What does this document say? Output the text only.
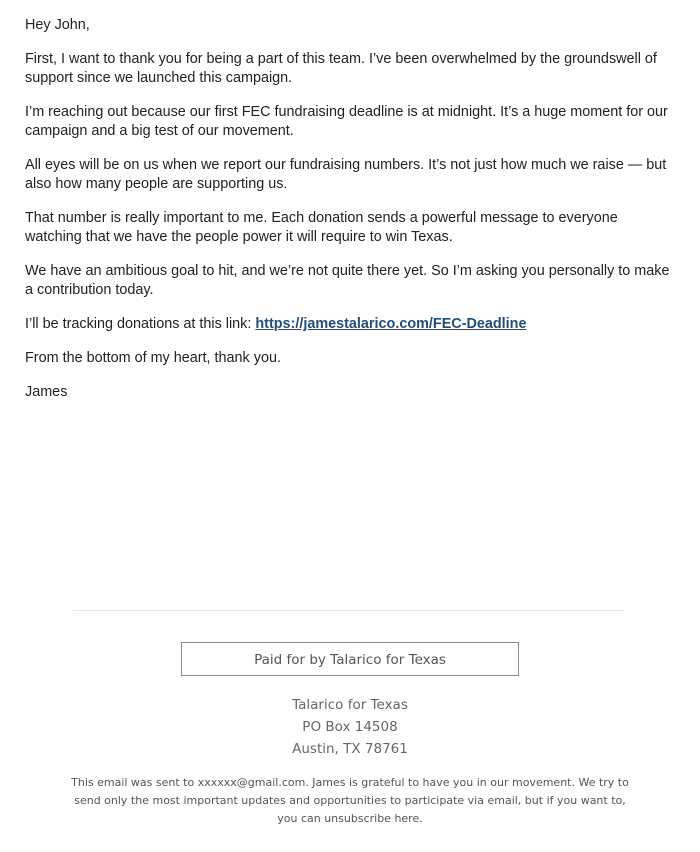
Hey John,

First, I want to thank you for being a part of this team. I’ve been overwhelmed by the groundswell of support since we launched this campaign.

I’m reaching out because our first FEC fundraising deadline is at midnight. It’s a huge moment for our campaign and a big test of our movement.

All eyes will be on us when we report our fundraising numbers. It’s not just how much we raise — but also how many people are supporting us.

That number is really important to me. Each donation sends a powerful message to everyone watching that we have the people power it will require to win Texas.

We have an ambitious goal to hit, and we’re not quite there yet. So I’m asking you personally to make a contribution today.

I’ll be tracking donations at this link: https://jamestalarico.com/FEC-Deadline

From the bottom of my heart, thank you.

James

Paid for by Talarico for Texas
Talarico for Texas
PO Box 14508
Austin, TX 78761
This email was sent to xxxxxx@gmail.com. James is grateful to have you in our movement. We try to send only the most important updates and opportunities to participate via email, but if you want to, you can unsubscribe here.
